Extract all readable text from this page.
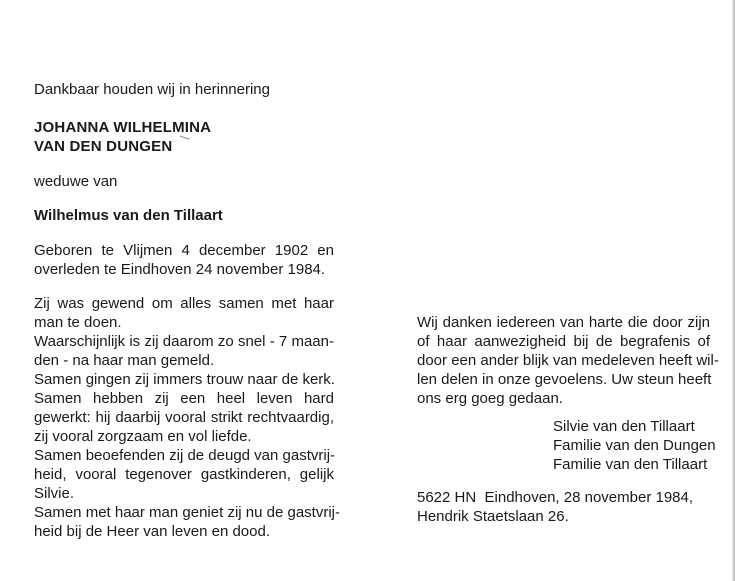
Dankbaar houden wij in herinnering
JOHANNA WILHELMINA
VAN DEN DUNGEN
weduwe van
Wilhelmus van den Tillaart
Geboren te Vlijmen 4 december 1902 en
overleden te Eindhoven 24 november 1984.
Zij was gewend om alles samen met haar
man te doen.
Waarschijnlijk is zij daarom zo snel - 7 maan-
den - na haar man gemeld.
Samen gingen zij immers trouw naar de kerk.
Samen hebben zij een heel leven hard
gewerkt: hij daarbij vooral strikt rechtvaardig,
zij vooral zorgzaam en vol liefde.
Samen beoefenden zij de deugd van gastvrij-
heid, vooral tegenover gastkinderen, gelijk
Silvie.
Samen met haar man geniet zij nu de gastvrij-
heid bij de Heer van leven en dood.
Wij danken iedereen van harte die door zijn
of haar aanwezigheid bij de begrafenis of
door een ander blijk van medeleven heeft wil-
len delen in onze gevoelens. Uw steun heeft
ons erg goeg gedaan.
Silvie van den Tillaart
Familie van den Dungen
Familie van den Tillaart
5622 HN  Eindhoven, 28 november 1984,
Hendrik Staetslaan 26.
